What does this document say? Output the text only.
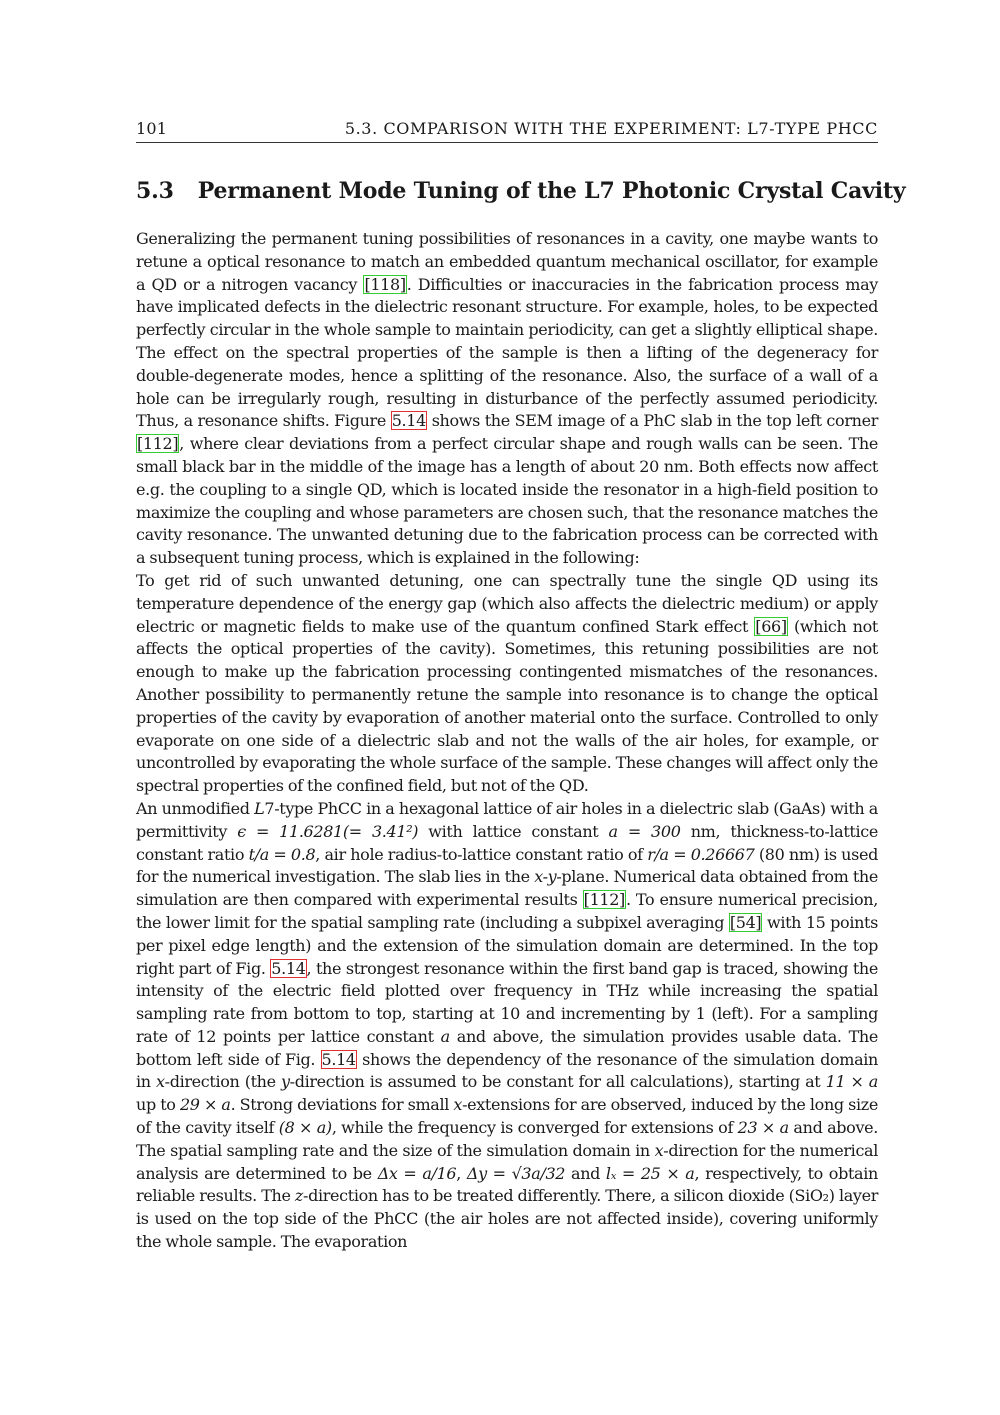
101	5.3. COMPARISON WITH THE EXPERIMENT: L7-TYPE PHCC
5.3 Permanent Mode Tuning of the L7 Photonic Crystal Cavity

Generalizing the permanent tuning possibilities of resonances in a cavity, one maybe wants to retune a optical resonance to match an embedded quantum mechanical oscillator, for example a QD or a nitrogen vacancy [118]. Difficulties or inaccuracies in the fabrication process may have implicated defects in the dielectric resonant structure. For example, holes, to be expected perfectly circular in the whole sample to maintain periodicity, can get a slightly elliptical shape. The effect on the spectral properties of the sample is then a lifting of the degeneracy for double-degenerate modes, hence a splitting of the resonance. Also, the surface of a wall of a hole can be irregularly rough, resulting in disturbance of the perfectly assumed periodicity. Thus, a resonance shifts. Figure 5.14 shows the SEM image of a PhC slab in the top left corner [112], where clear deviations from a perfect circular shape and rough walls can be seen. The small black bar in the middle of the image has a length of about 20 nm. Both effects now affect e.g. the coupling to a single QD, which is located inside the resonator in a high-field position to maximize the coupling and whose parameters are chosen such, that the resonance matches the cavity resonance. The unwanted detuning due to the fabrication process can be corrected with a subsequent tuning process, which is explained in the following:

To get rid of such unwanted detuning, one can spectrally tune the single QD using its temperature dependence of the energy gap (which also affects the dielectric medium) or apply electric or magnetic fields to make use of the quantum confined Stark effect [66] (which not affects the optical properties of the cavity). Sometimes, this retuning possibilities are not enough to make up the fabrication processing contingented mismatches of the resonances. Another possibility to permanently retune the sample into resonance is to change the optical properties of the cavity by evaporation of another material onto the surface. Controlled to only evaporate on one side of a dielectric slab and not the walls of the air holes, for example, or uncontrolled by evaporating the whole surface of the sample. These changes will affect only the spectral properties of the confined field, but not of the QD.

An unmodified L7-type PhCC in a hexagonal lattice of air holes in a dielectric slab (GaAs) with a permittivity ϵ = 11.6281(= 3.41²) with lattice constant a = 300 nm, thickness-to-lattice constant ratio t/a = 0.8, air hole radius-to-lattice constant ratio of r/a = 0.26667 (80 nm) is used for the numerical investigation. The slab lies in the x-y-plane. Numerical data obtained from the simulation are then compared with experimental results [112]. To ensure numerical precision, the lower limit for the spatial sampling rate (including a subpixel averaging [54] with 15 points per pixel edge length) and the extension of the simulation domain are determined. In the top right part of Fig. 5.14, the strongest resonance within the first band gap is traced, showing the intensity of the electric field plotted over frequency in THz while increasing the spatial sampling rate from bottom to top, starting at 10 and incrementing by 1 (left). For a sampling rate of 12 points per lattice constant a and above, the simulation provides usable data. The bottom left side of Fig. 5.14 shows the dependency of the resonance of the simulation domain in x-direction (the y-direction is assumed to be constant for all calculations), starting at 11 × a up to 29 × a. Strong deviations for small x-extensions for are observed, induced by the long size of the cavity itself (8 × a), while the frequency is converged for extensions of 23 × a and above. The spatial sampling rate and the size of the simulation domain in x-direction for the numerical analysis are determined to be Δx = a/16, Δy = √3a/32 and lₓ = 25 × a, respectively, to obtain reliable results. The z-direction has to be treated differently. There, a silicon dioxide (SiO₂) layer is used on the top side of the PhCC (the air holes are not affected inside), covering uniformly the whole sample. The evaporation
